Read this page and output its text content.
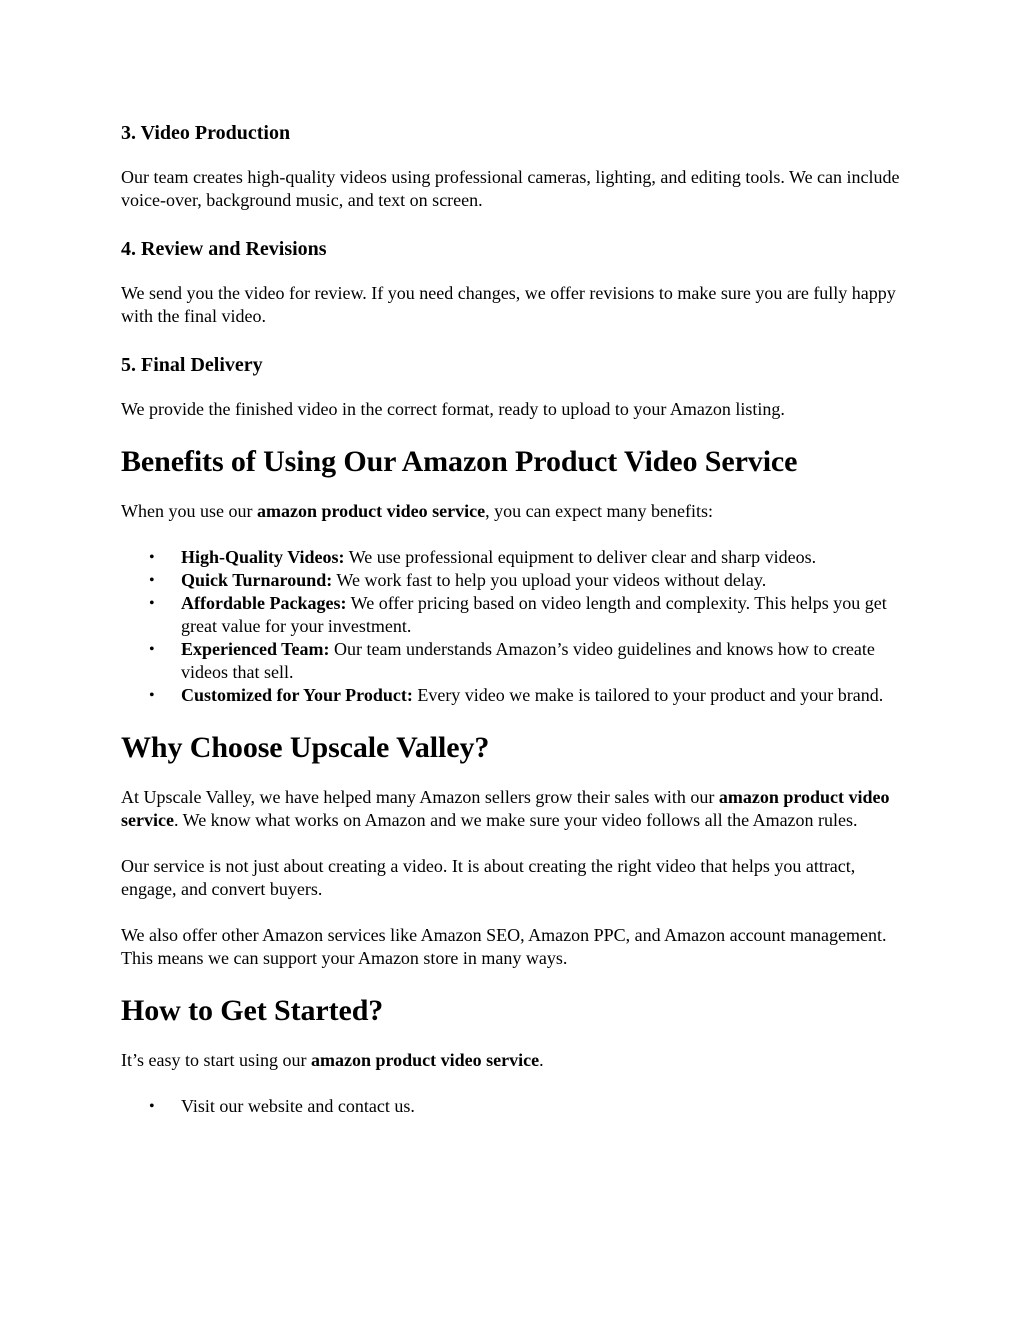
3. Video Production

Our team creates high-quality videos using professional cameras, lighting, and editing tools. We can include voice-over, background music, and text on screen.

4. Review and Revisions

We send you the video for review. If you need changes, we offer revisions to make sure you are fully happy with the final video.

5. Final Delivery

We provide the finished video in the correct format, ready to upload to your Amazon listing.

Benefits of Using Our Amazon Product Video Service

When you use our amazon product video service, you can expect many benefits:

• High-Quality Videos: We use professional equipment to deliver clear and sharp videos.
• Quick Turnaround: We work fast to help you upload your videos without delay.
• Affordable Packages: We offer pricing based on video length and complexity. This helps you get great value for your investment.
• Experienced Team: Our team understands Amazon’s video guidelines and knows how to create videos that sell.
• Customized for Your Product: Every video we make is tailored to your product and your brand.
Why Choose Upscale Valley?

At Upscale Valley, we have helped many Amazon sellers grow their sales with our amazon product video service. We know what works on Amazon and we make sure your video follows all the Amazon rules.

Our service is not just about creating a video. It is about creating the right video that helps you attract, engage, and convert buyers.

We also offer other Amazon services like Amazon SEO, Amazon PPC, and Amazon account management. This means we can support your Amazon store in many ways.

How to Get Started?

It’s easy to start using our amazon product video service.

• Visit our website and contact us.
